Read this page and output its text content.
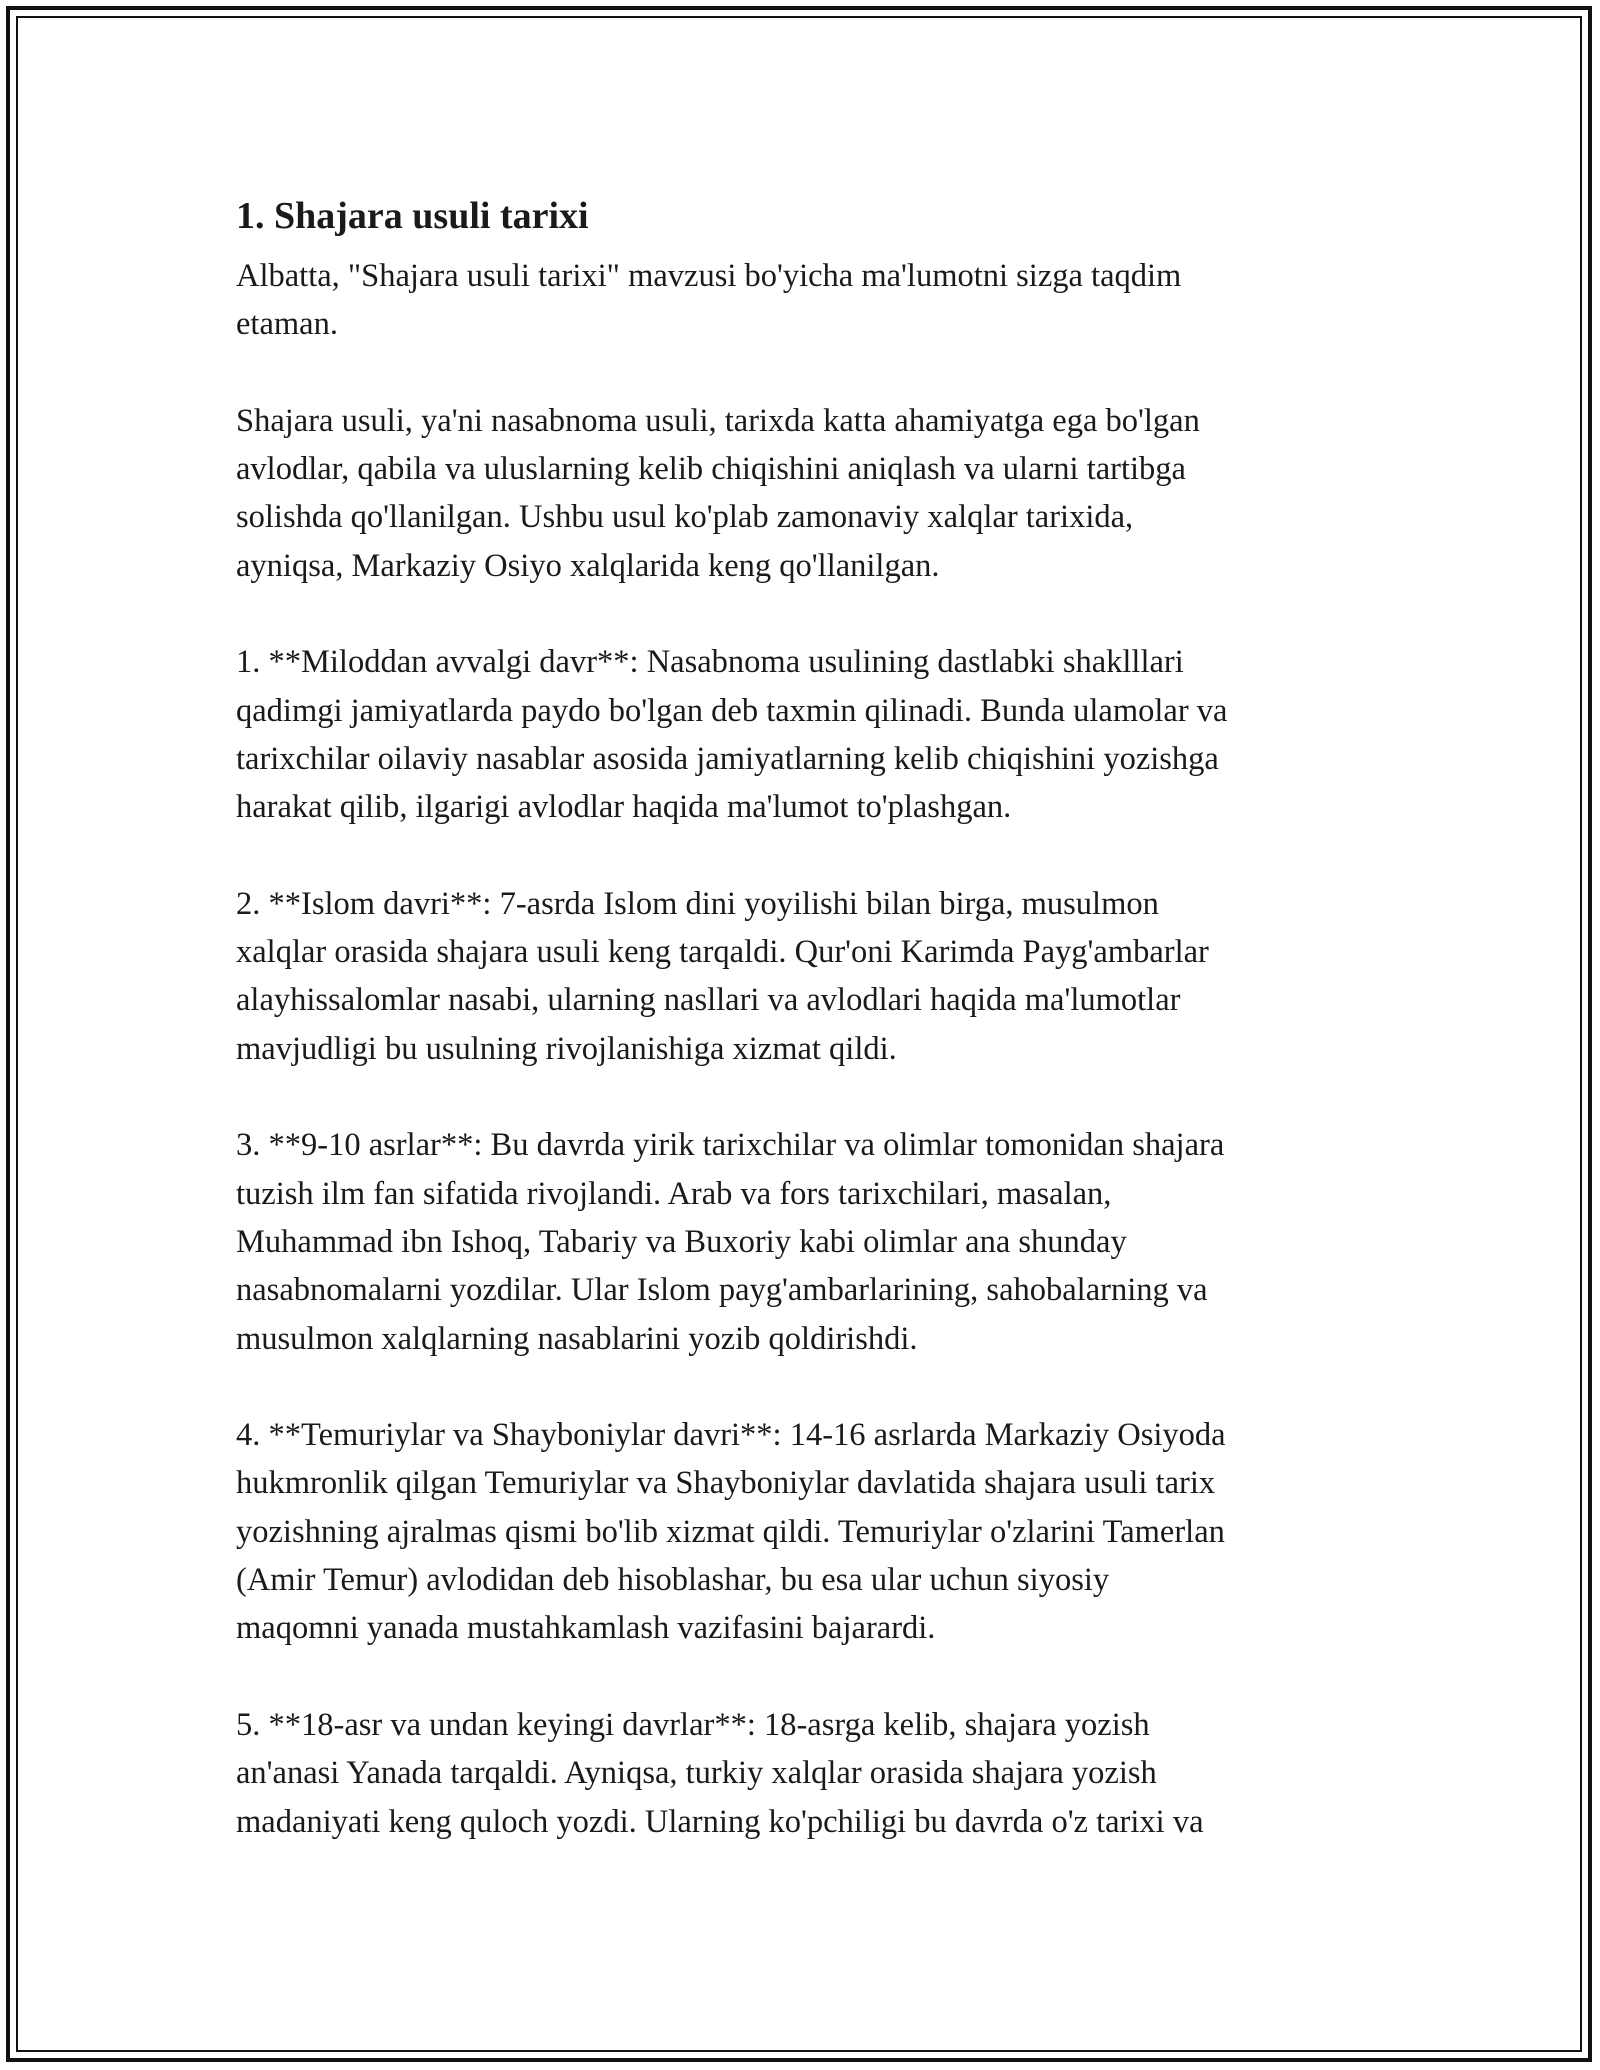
1. Shajara usuli tarixi

Albatta, "Shajara usuli tarixi" mavzusi bo'yicha ma'lumotni sizga taqdim
etaman.

Shajara usuli, ya'ni nasabnoma usuli, tarixda katta ahamiyatga ega bo'lgan
avlodlar, qabila va uluslarning kelib chiqishini aniqlash va ularni tartibga
solishda qo'llanilgan. Ushbu usul ko'plab zamonaviy xalqlar tarixida,
ayniqsa, Markaziy Osiyo xalqlarida keng qo'llanilgan.

1. **Miloddan avvalgi davr**: Nasabnoma usulining dastlabki shaklllari
qadimgi jamiyatlarda paydo bo'lgan deb taxmin qilinadi. Bunda ulamolar va
tarixchilar oilaviy nasablar asosida jamiyatlarning kelib chiqishini yozishga
harakat qilib, ilgarigi avlodlar haqida ma'lumot to'plashgan.

2. **Islom davri**: 7-asrda Islom dini yoyilishi bilan birga, musulmon
xalqlar orasida shajara usuli keng tarqaldi. Qur'oni Karimda Payg'ambarlar
alayhissalomlar nasabi, ularning nasllari va avlodlari haqida ma'lumotlar
mavjudligi bu usulning rivojlanishiga xizmat qildi.

3. **9-10 asrlar**: Bu davrda yirik tarixchilar va olimlar tomonidan shajara
tuzish ilm fan sifatida rivojlandi. Arab va fors tarixchilari, masalan,
Muhammad ibn Ishoq, Tabariy va Buxoriy kabi olimlar ana shunday
nasabnomalarni yozdilar. Ular Islom payg'ambarlarining, sahobalarning va
musulmon xalqlarning nasablarini yozib qoldirishdi.

4. **Temuriylar va Shayboniylar davri**: 14-16 asrlarda Markaziy Osiyoda
hukmronlik qilgan Temuriylar va Shayboniylar davlatida shajara usuli tarix
yozishning ajralmas qismi bo'lib xizmat qildi. Temuriylar o'zlarini Tamerlan
(Amir Temur) avlodidan deb hisoblashar, bu esa ular uchun siyosiy
maqomni yanada mustahkamlash vazifasini bajarardi.

5. **18-asr va undan keyingi davrlar**: 18-asrga kelib, shajara yozish
an'anasi Yanada tarqaldi. Ayniqsa, turkiy xalqlar orasida shajara yozish
madaniyati keng quloch yozdi. Ularning ko'pchiligi bu davrda o'z tarixi va
